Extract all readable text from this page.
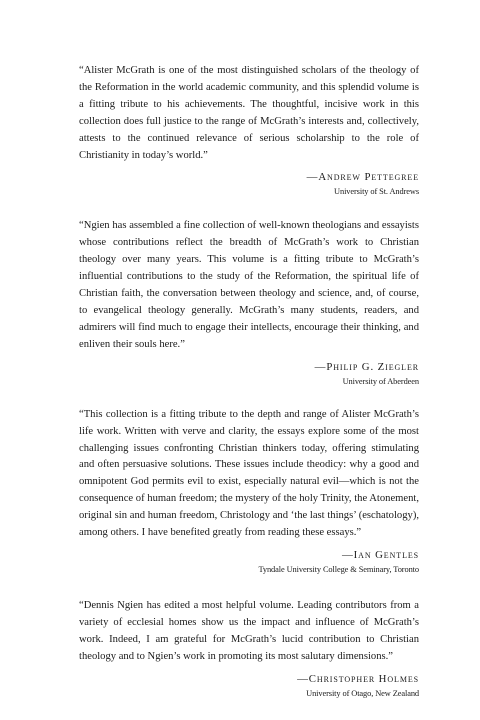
“Alister McGrath is one of the most distinguished scholars of the theology of the Reformation in the world academic community, and this splendid volume is a fitting tribute to his achievements. The thoughtful, incisive work in this collection does full justice to the range of McGrath’s interests and, collectively, attests to the continued relevance of serious scholarship to the role of Christianity in today’s world.”

—Andrew Pettegree
University of St. Andrews

“Ngien has assembled a fine collection of well-known theologians and essayists whose contributions reflect the breadth of McGrath’s work to Christian theology over many years. This volume is a fitting tribute to McGrath’s influential contributions to the study of the Reformation, the spiritual life of Christian faith, the conversation between theology and science, and, of course, to evangelical theology generally. McGrath’s many students, readers, and admirers will find much to engage their intellects, encourage their thinking, and enliven their souls here.”

—Philip G. Ziegler
University of Aberdeen

“This collection is a fitting tribute to the depth and range of Alister McGrath’s life work. Written with verve and clarity, the essays explore some of the most challenging issues confronting Christian thinkers today, offering stimulating and often persuasive solutions. These issues include theodicy: why a good and omnipotent God permits evil to exist, especially natural evil—which is not the consequence of human freedom; the mystery of the holy Trinity, the Atonement, original sin and human freedom, Christology and ‘the last things’ (eschatology), among others. I have benefited greatly from reading these essays.”

—Ian Gentles
Tyndale University College & Seminary, Toronto

“Dennis Ngien has edited a most helpful volume. Leading contributors from a variety of ecclesial homes show us the impact and influence of McGrath’s work. Indeed, I am grateful for McGrath’s lucid contribution to Christian theology and to Ngien’s work in promoting its most salutary dimensions.”

—Christopher Holmes
University of Otago, New Zealand
